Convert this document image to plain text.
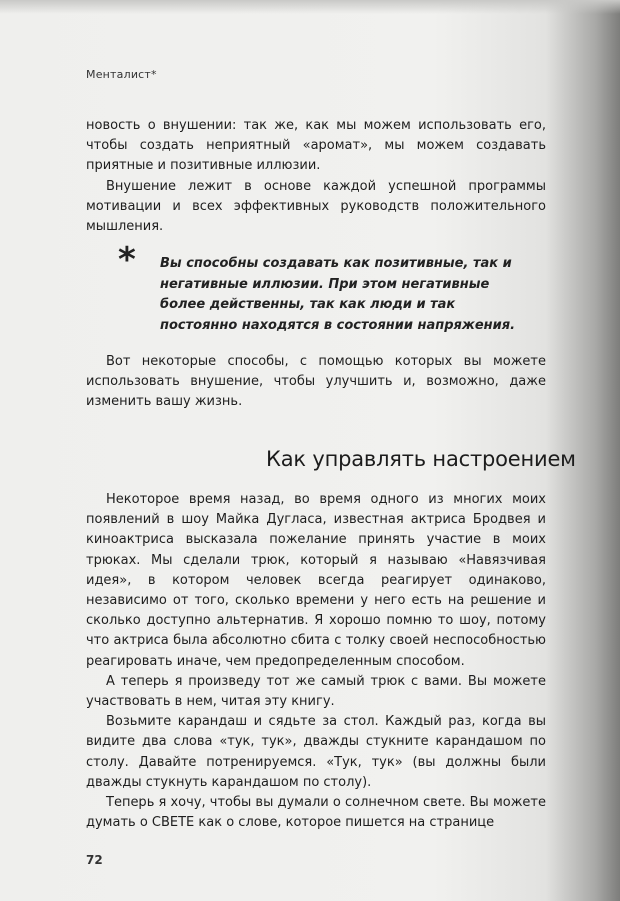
Менталист*

новость о внушении: так же, как мы можем использовать его, чтобы создать неприятный «аромат», мы можем создавать приятные и позитивные иллюзии.

Внушение лежит в основе каждой успешной программы мотивации и всех эффективных руководств положительного мышления.

* Вы способны создавать как позитивные, так и негативные иллюзии. При этом негативные более действенны, так как люди и так постоянно находятся в состоянии напряжения.

Вот некоторые способы, с помощью которых вы можете использовать внушение, чтобы улучшить и, возможно, даже изменить вашу жизнь.

Как управлять настроением

Некоторое время назад, во время одного из многих моих появлений в шоу Майка Дугласа, известная актриса Бродвея и киноактриса высказала пожелание принять участие в моих трюках. Мы сделали трюк, который я называю «Навязчивая идея», в котором человек всегда реагирует одинаково, независимо от того, сколько времени у него есть на решение и сколько доступно альтернатив. Я хорошо помню то шоу, потому что актриса была абсолютно сбита с толку своей неспособностью реагировать иначе, чем предопределенным способом.

А теперь я произведу тот же самый трюк с вами. Вы можете участвовать в нем, читая эту книгу.

Возьмите карандаш и сядьте за стол. Каждый раз, когда вы видите два слова «тук, тук», дважды стукните карандашом по столу. Давайте потренируемся. «Тук, тук» (вы должны были дважды стукнуть карандашом по столу).

Теперь я хочу, чтобы вы думали о солнечном свете. Вы можете думать о СВЕТЕ как о слове, которое пишется на странице

72
